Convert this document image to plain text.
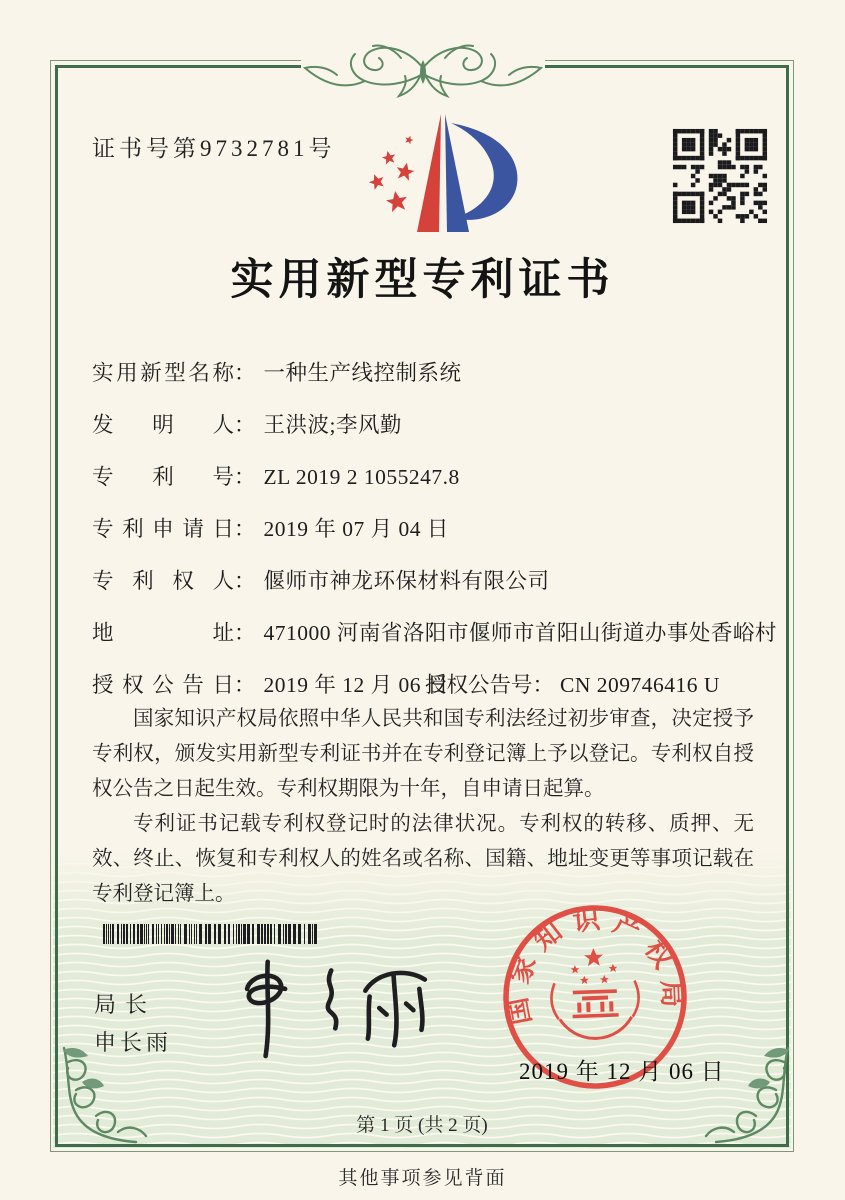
证书号第9732781号
实用新型专利证书
实用新型名称： 一种生产线控制系统
发明人： 王洪波;李风勤
专利号： ZL 2019 2 1055247.8
专利申请日： 2019 年 07 月 04 日
专利权人： 偃师市神龙环保材料有限公司
地址： 471000 河南省洛阳市偃师市首阳山街道办事处香峪村
授权公告日： 2019 年 12 月 06 日
授权公告号： CN 209746416 U

国家知识产权局依照中华人民共和国专利法经过初步审查，决定授予专利权，颁发实用新型专利证书并在专利登记簿上予以登记。专利权自授权公告之日起生效。专利权期限为十年，自申请日起算。

专利证书记载专利权登记时的法律状况。专利权的转移、质押、无效、终止、恢复和专利权人的姓名或名称、国籍、地址变更等事项记载在专利登记簿上。

局长
申长雨
国家知识产权局
2019 年 12 月 06 日
第 1 页 (共 2 页)
其他事项参见背面
